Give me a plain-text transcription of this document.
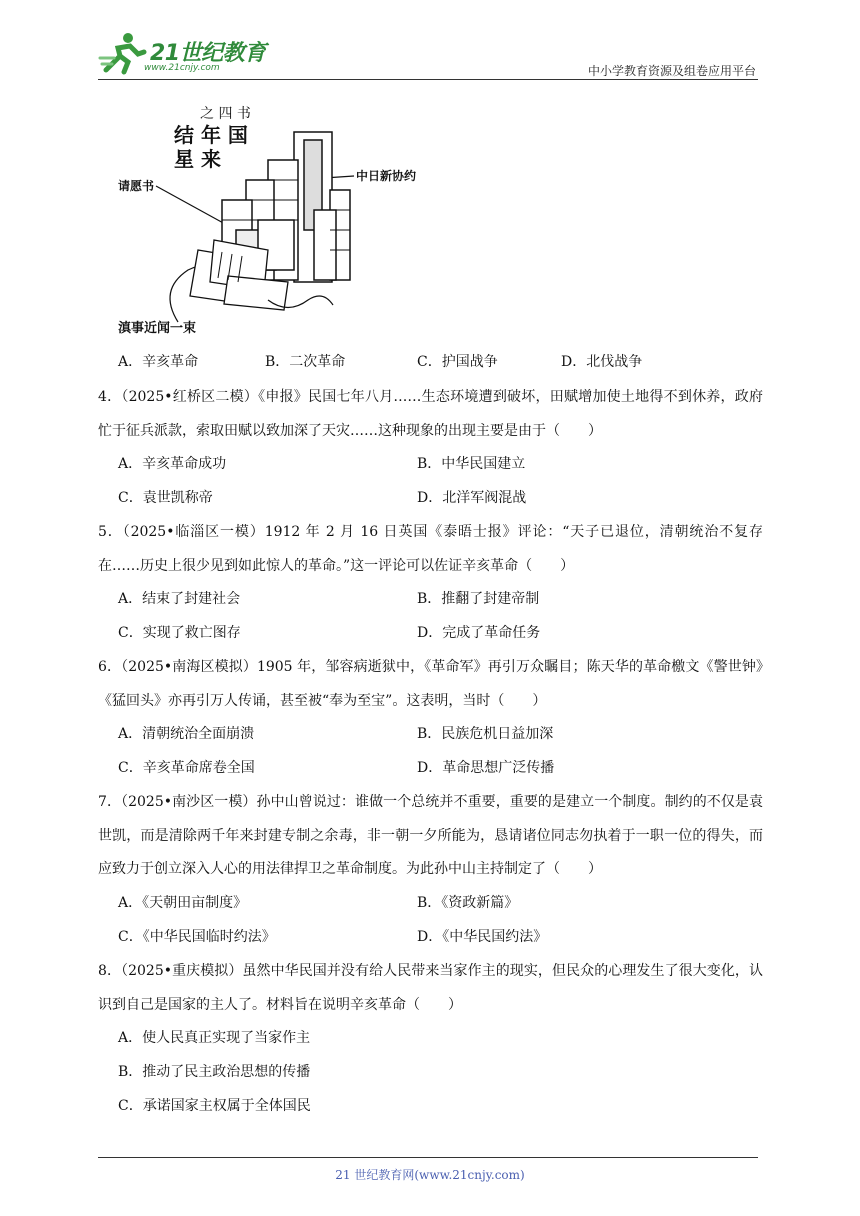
21世纪教育
www.21cnjy.com	中小学教育资源及组卷应用平台
之 四 书
结 年 国
星 来
请愿书
中日新协约
滇事近闻一束
A．辛亥革命	B．二次革命	C．护国战争	D．北伐战争
4．（2025•红桥区二模）《申报》民国七年八月……生态环境遭到破坏，田赋增加使土地得不到休养，政府忙于征兵派款，索取田赋以致加深了天灾……这种现象的出现主要是由于（　　）
A．辛亥革命成功	B．中华民国建立
C．袁世凯称帝	D．北洋军阀混战
5．（2025•临淄区一模）1912 年 2 月 16 日英国《泰晤士报》评论：“天子已退位，清朝统治不复存在……历史上很少见到如此惊人的革命。”这一评论可以佐证辛亥革命（　　）
A．结束了封建社会	B．推翻了封建帝制
C．实现了救亡图存	D．完成了革命任务
6．（2025•南海区模拟）1905 年，邹容病逝狱中，《革命军》再引万众瞩目；陈天华的革命檄文《警世钟》《猛回头》亦再引万人传诵，甚至被“奉为至宝”。这表明，当时（　　）
A．清朝统治全面崩溃	B．民族危机日益加深
C．辛亥革命席卷全国	D．革命思想广泛传播
7．（2025•南沙区一模）孙中山曾说过：谁做一个总统并不重要，重要的是建立一个制度。制约的不仅是袁世凯，而是清除两千年来封建专制之余毒，非一朝一夕所能为，恳请诸位同志勿执着于一职一位的得失，而应致力于创立深入人心的用法律捍卫之革命制度。为此孙中山主持制定了（　　）
A．《天朝田亩制度》	B．《资政新篇》
C．《中华民国临时约法》	D．《中华民国约法》
8．（2025•重庆模拟）虽然中华民国并没有给人民带来当家作主的现实，但民众的心理发生了很大变化，认识到自己是国家的主人了。材料旨在说明辛亥革命（　　）
A．使人民真正实现了当家作主
B．推动了民主政治思想的传播
C．承诺国家主权属于全体国民
21 世纪教育网(www.21cnjy.com)
